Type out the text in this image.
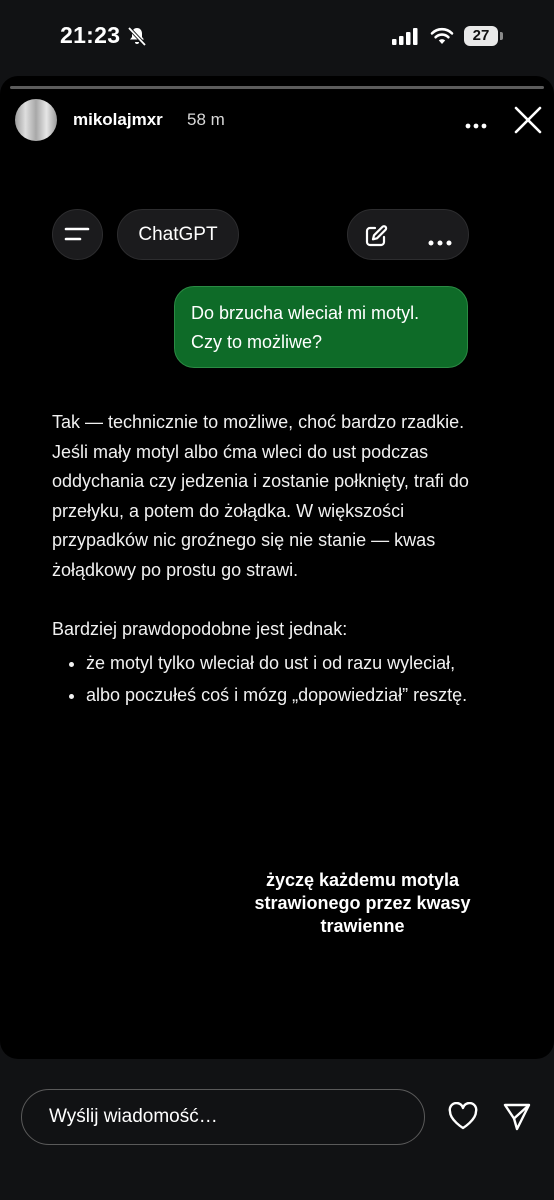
21:23	27
mikolajmxr 58 m
ChatGPT
Do brzucha wleciał mi motyl. Czy to możliwe?

Tak — technicznie to możliwe, choć bardzo rzadkie. Jeśli mały motyl albo ćma wleci do ust podczas oddychania czy jedzenia i zostanie połknięty, trafi do przełyku, a potem do żołądka. W większości przypadków nic groźnego się nie stanie — kwas żołądkowy po prostu go strawi.

Bardziej prawdopodobne jest jednak:

• że motyl tylko wleciał do ust i od razu wyleciał,
• albo poczułeś coś i mózg „dopowiedział” resztę.
życzę każdemu motyla strawionego przez kwasy trawienne
Wyślij wiadomość…
